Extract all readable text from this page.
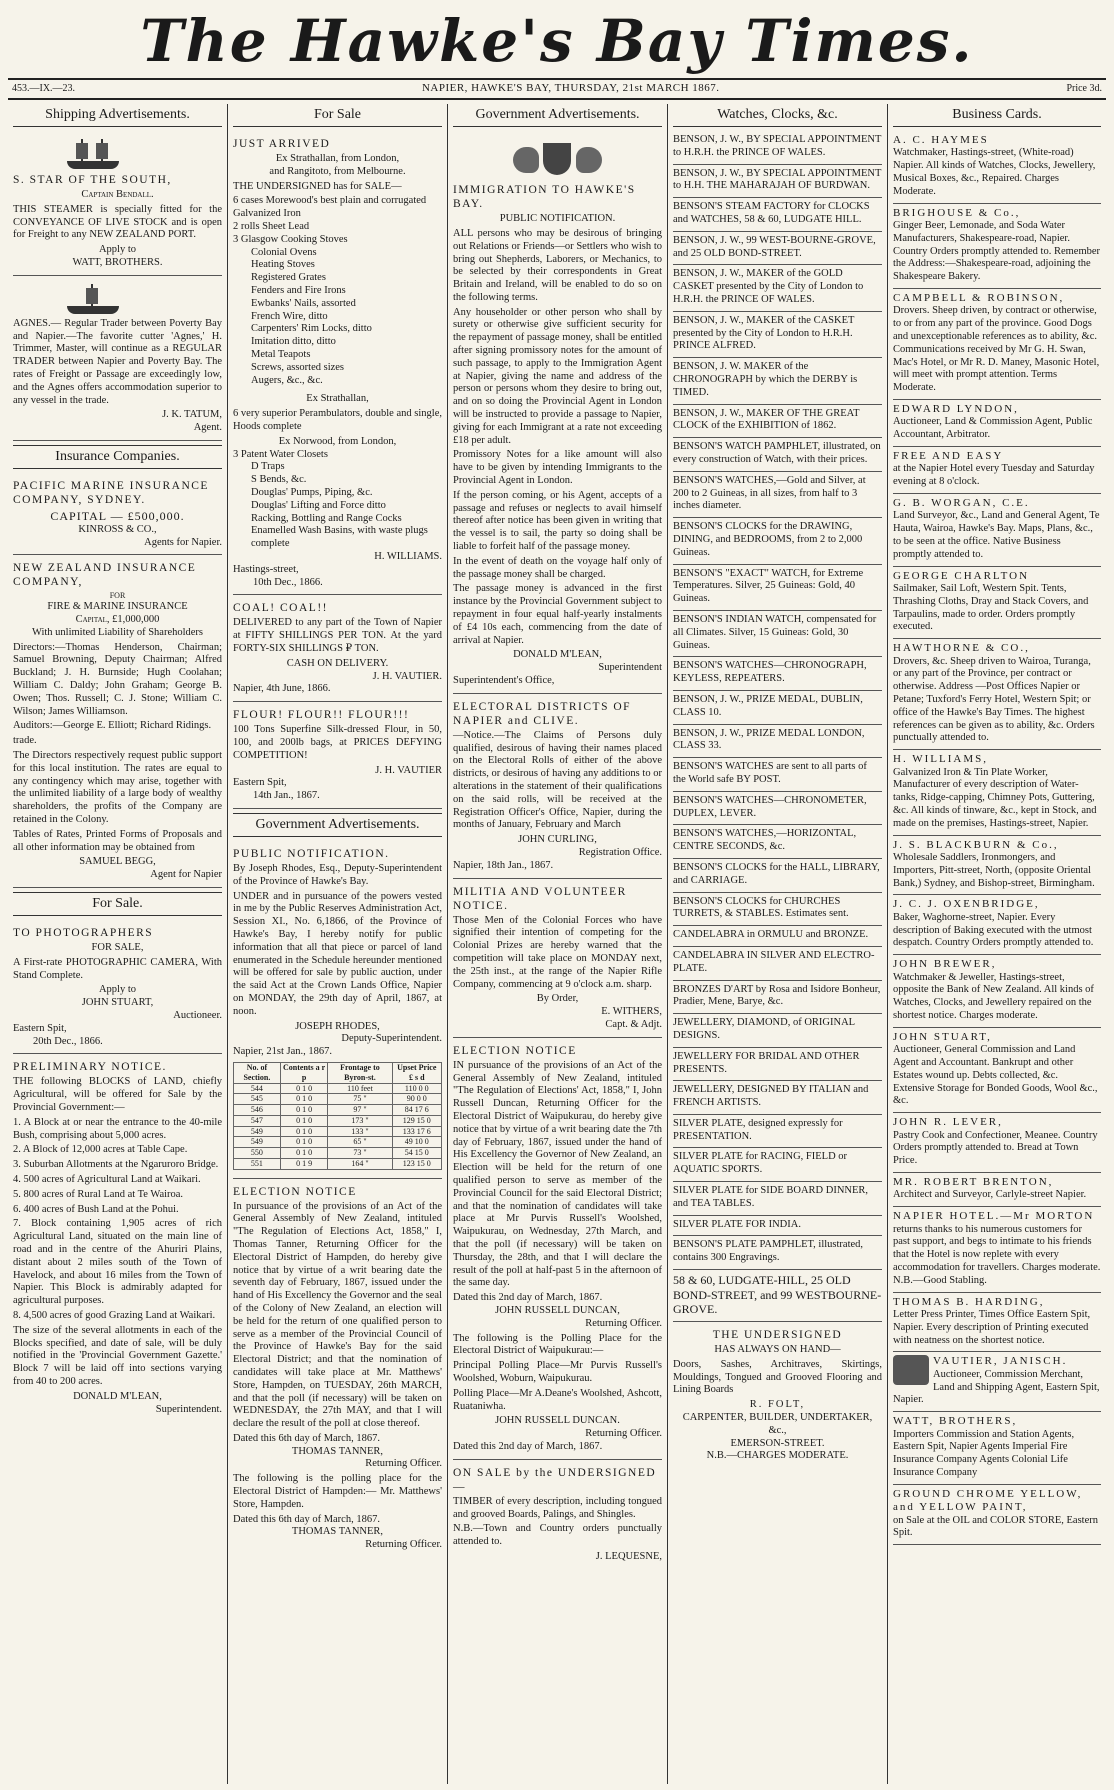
The Hawke's Bay Times.
453.—IX.—23.	NAPIER, HAWKE'S BAY, THURSDAY, 21st MARCH 1867.	Price 3d.
Shipping Advertisements.
S. STAR OF THE SOUTH,
Captain Bendall.

THIS STEAMER is specially fitted for the CONVEYANCE OF LIVE STOCK and is open for Freight to any NEW ZEALAND PORT.

Apply to
WATT, BROTHERS.

AGNES.— Regular Trader between Poverty Bay and Napier.—The favorite cutter 'Agnes,' H. Trimmer, Master, will continue as a REGULAR TRADER between Napier and Poverty Bay. The rates of Freight or Passage are exceedingly low, and the Agnes offers accommodation superior to any vessel in the trade.

J. K. TATUM,
Agent.
Insurance Companies.
PACIFIC MARINE INSURANCE COMPANY, SYDNEY.
CAPITAL — £500,000.
KINROSS & CO.,
Agents for Napier.
NEW ZEALAND INSURANCE COMPANY,
FOR
FIRE & MARINE INSURANCE
Capital, £1,000,000
With unlimited Liability of Shareholders

Directors:—Thomas Henderson, Chairman; Samuel Browning, Deputy Chairman; Alfred Buckland; J. H. Burnside; Hugh Coolahan; William C. Daldy; John Graham; George B. Owen; Thos. Russell; C. J. Stone; William C. Wilson; James Williamson.

Auditors:—George E. Elliott; Richard Ridings.

trade.

The Directors respectively request public support for this local institution. The rates are equal to any contingency which may arise, together with the unlimited liability of a large body of wealthy shareholders, the profits of the Company are retained in the Colony.

Tables of Rates, Printed Forms of Proposals and all other information may be obtained from

SAMUEL BEGG,
Agent for Napier
For Sale.
TO PHOTOGRAPHERS
FOR SALE,

A First-rate PHOTOGRAPHIC CAMERA, With Stand Complete.

Apply to
JOHN STUART,
Auctioneer.
Eastern Spit,
20th Dec., 1866.
PRELIMINARY NOTICE.

THE following BLOCKS of LAND, chiefly Agricultural, will be offered for Sale by the Provincial Government:—

1. A Block at or near the entrance to the 40-mile Bush, comprising about 5,000 acres.

2. A Block of 12,000 acres at Table Cape.

3. Suburban Allotments at the Ngaruroro Bridge.

4. 500 acres of Agricultural Land at Waikari.

5. 800 acres of Rural Land at Te Wairoa.

6. 400 acres of Bush Land at the Pohui.

7. Block containing 1,905 acres of rich Agricultural Land, situated on the main line of road and in the centre of the Ahuriri Plains, distant about 2 miles south of the Town of Havelock, and about 16 miles from the Town of Napier. This Block is admirably adapted for agricultural purposes.

8. 4,500 acres of good Grazing Land at Waikari.

The size of the several allotments in each of the Blocks specified, and date of sale, will be duly notified in the 'Provincial Government Gazette.' Block 7 will be laid off into sections varying from 40 to 200 acres.

DONALD M'LEAN,
Superintendent.
For Sale
JUST ARRIVED
Ex Strathallan, from London,
and Rangitoto, from Melbourne.

THE UNDERSIGNED has for SALE—

6 cases Morewood's best plain and corrugated Galvanized Iron
2 rolls Sheet Lead
3 Glasgow Cooking Stoves
Colonial Ovens
Heating Stoves
Registered Grates
Fenders and Fire Irons
Ewbanks' Nails, assorted
French Wire, ditto
Carpenters' Rim Locks, ditto
Imitation ditto, ditto
Metal Teapots
Screws, assorted sizes
Augers, &c., &c.
Ex Strathallan,

6 very superior Perambulators, double and single, Hoods complete

Ex Norwood, from London,
3 Patent Water Closets
D Traps
S Bends, &c.
Douglas' Pumps, Piping, &c.
Douglas' Lifting and Force ditto
Racking, Bottling and Range Cocks
Enamelled Wash Basins, with waste plugs complete
H. WILLIAMS.
Hastings-street,
10th Dec., 1866.
COAL! COAL!!

DELIVERED to any part of the Town of Napier at FIFTY SHILLINGS PER TON. At the yard FORTY-SIX SHILLINGS ₽ TON.

CASH ON DELIVERY.
J. H. VAUTIER.
Napier, 4th June, 1866.
FLOUR! FLOUR!! FLOUR!!!

100 Tons Superfine Silk-dressed Flour, in 50, 100, and 200lb bags, at PRICES DEFYING COMPETITION!

J. H. VAUTIER
Eastern Spit,
14th Jan., 1867.
Government Advertisements.
PUBLIC NOTIFICATION.

By Joseph Rhodes, Esq., Deputy-Superintendent of the Province of Hawke's Bay.

UNDER and in pursuance of the powers vested in me by the Public Reserves Administration Act, Session XI., No. 6,1866, of the Province of Hawke's Bay, I hereby notify for public information that all that piece or parcel of land enumerated in the Schedule hereunder mentioned will be offered for sale by public auction, under the said Act at the Crown Lands Office, Napier on MONDAY, the 29th day of April, 1867, at noon.

JOSEPH RHODES,
Deputy-Superintendent.
Napier, 21st Jan., 1867.
No. of Section.	Contents a r p	Frontage to Byron-st.	Upset Price £ s d
544	0 1 0	110 feet	110 0 0
545	0 1 0	75 "	90 0 0
546	0 1 0	97 "	84 17 6
547	0 1 0	173 "	129 15 0
549	0 1 0	133 "	133 17 6
549	0 1 0	65 "	49 10 0
550	0 1 0	73 "	54 15 0
551	0 1 9	164 "	123 15 0
ELECTION NOTICE

In pursuance of the provisions of an Act of the General Assembly of New Zealand, intituled "The Regulation of Elections Act, 1858," I, Thomas Tanner, Returning Officer for the Electoral District of Hampden, do hereby give notice that by virtue of a writ bearing date the seventh day of February, 1867, issued under the hand of His Excellency the Governor and the seal of the Colony of New Zealand, an election will be held for the return of one qualified person to serve as a member of the Provincial Council of the Province of Hawke's Bay for the said Electoral District; and that the nomination of candidates will take place at Mr. Matthews' Store, Hampden, on TUESDAY, 26th MARCH, and that the poll (if necessary) will be taken on WEDNESDAY, the 27th MAY, and that I will declare the result of the poll at close thereof.

Dated this 6th day of March, 1867.
THOMAS TANNER,
Returning Officer.

The following is the polling place for the Electoral District of Hampden:— Mr. Matthews' Store, Hampden.

Dated this 6th day of March, 1867.
THOMAS TANNER,
Returning Officer.
Government Advertisements.
IMMIGRATION TO HAWKE'S BAY.
PUBLIC NOTIFICATION.

ALL persons who may be desirous of bringing out Relations or Friends—or Settlers who wish to bring out Shepherds, Laborers, or Mechanics, to be selected by their correspondents in Great Britain and Ireland, will be enabled to do so on the following terms.

Any householder or other person who shall by surety or otherwise give sufficient security for the repayment of passage money, shall be entitled after signing promissory notes for the amount of such passage, to apply to the Immigration Agent at Napier, giving the name and address of the person or persons whom they desire to bring out, and on so doing the Provincial Agent in London will be instructed to provide a passage to Napier, giving for each Immigrant at a rate not exceeding £18 per adult.

Promissory Notes for a like amount will also have to be given by intending Immigrants to the Provincial Agent in London.

If the person coming, or his Agent, accepts of a passage and refuses or neglects to avail himself thereof after notice has been given in writing that the vessel is to sail, the party so doing shall be liable to forfeit half of the passage money.

In the event of death on the voyage half only of the passage money shall be charged.

The passage money is advanced in the first instance by the Provincial Government subject to repayment in four equal half-yearly instalments of £4 10s each, commencing from the date of arrival at Napier.

DONALD M'LEAN,
Superintendent
Superintendent's Office,
ELECTORAL DISTRICTS OF NAPIER and CLIVE.

—Notice.—The Claims of Persons duly qualified, desirous of having their names placed on the Electoral Rolls of either of the above districts, or desirous of having any additions to or alterations in the statement of their qualifications on the said rolls, will be received at the Registration Officer's Office, Napier, during the months of January, February and March

JOHN CURLING,
Registration Office.
Napier, 18th Jan., 1867.
MILITIA AND VOLUNTEER NOTICE.

Those Men of the Colonial Forces who have signified their intention of competing for the Colonial Prizes are hereby warned that the competition will take place on MONDAY next, the 25th inst., at the range of the Napier Rifle Company, commencing at 9 o'clock a.m. sharp.

By Order,
E. WITHERS,
Capt. & Adjt.
ELECTION NOTICE

IN pursuance of the provisions of an Act of the General Assembly of New Zealand, intituled "The Regulation of Elections' Act, 1858," I, John Russell Duncan, Returning Officer for the Electoral District of Waipukurau, do hereby give notice that by virtue of a writ bearing date the 7th day of February, 1867, issued under the hand of His Excellency the Governor of New Zealand, an Election will be held for the return of one qualified person to serve as member of the Provincial Council for the said Electoral District; and that the nomination of candidates will take place at Mr Purvis Russell's Woolshed, Waipukurau, on Wednesday, 27th March, and that the poll (if necessary) will be taken on Thursday, the 28th, and that I will declare the result of the poll at half-past 5 in the afternoon of the same day.

Dated this 2nd day of March, 1867.
JOHN RUSSELL DUNCAN,
Returning Officer.

The following is the Polling Place for the Electoral District of Waipukurau:—

Principal Polling Place—Mr Purvis Russell's Woolshed, Woburn, Waipukurau.

Polling Place—Mr A.Deane's Woolshed, Ashcott, Ruataniwha.

JOHN RUSSELL DUNCAN.
Returning Officer.
Dated this 2nd day of March, 1867.
ON SALE by the UNDERSIGNED—

TIMBER of every description, including tongued and grooved Boards, Palings, and Shingles.

N.B.—Town and Country orders punctually attended to.

J. LEQUESNE,
Watches, Clocks, &c.
BENSON, J. W., BY SPECIAL APPOINTMENT to H.R.H. the PRINCE OF WALES.
BENSON, J. W., BY SPECIAL APPOINTMENT to H.H. THE MAHARAJAH OF BURDWAN.
BENSON'S STEAM FACTORY for CLOCKS and WATCHES, 58 & 60, LUDGATE HILL.
BENSON, J. W., 99 WEST-BOURNE-GROVE, and 25 OLD BOND-STREET.
BENSON, J. W., MAKER of the GOLD CASKET presented by the City of London to H.R.H. the PRINCE OF WALES.
BENSON, J. W., MAKER of the CASKET presented by the City of London to H.R.H. PRINCE ALFRED.
BENSON, J. W. MAKER of the CHRONOGRAPH by which the DERBY is TIMED.
BENSON, J. W., MAKER OF THE GREAT CLOCK of the EXHIBITION of 1862.
BENSON'S WATCH PAMPHLET, illustrated, on every construction of Watch, with their prices.
BENSON'S WATCHES,—Gold and Silver, at 200 to 2 Guineas, in all sizes, from half to 3 inches diameter.
BENSON'S CLOCKS for the DRAWING, DINING, and BEDROOMS, from 2 to 2,000 Guineas.
BENSON'S "EXACT" WATCH, for Extreme Temperatures. Silver, 25 Guineas: Gold, 40 Guineas.
BENSON'S INDIAN WATCH, compensated for all Climates. Silver, 15 Guineas: Gold, 30 Guineas.
BENSON'S WATCHES—CHRONOGRAPH, KEYLESS, REPEATERS.
BENSON, J. W., PRIZE MEDAL, DUBLIN, CLASS 10.
BENSON, J. W., PRIZE MEDAL LONDON, CLASS 33.
BENSON'S WATCHES are sent to all parts of the World safe BY POST.
BENSON'S WATCHES—CHRONOMETER, DUPLEX, LEVER.
BENSON'S WATCHES,—HORIZONTAL, CENTRE SECONDS, &c.
BENSON'S CLOCKS for the HALL, LIBRARY, and CARRIAGE.
BENSON'S CLOCKS for CHURCHES TURRETS, & STABLES. Estimates sent.
CANDELABRA in ORMULU and BRONZE.
CANDELABRA IN SILVER AND ELECTRO-PLATE.
BRONZES D'ART by Rosa and Isidore Bonheur, Pradier, Mene, Barye, &c.
JEWELLERY, DIAMOND, of ORIGINAL DESIGNS.
JEWELLERY FOR BRIDAL AND OTHER PRESENTS.
JEWELLERY, DESIGNED BY ITALIAN and FRENCH ARTISTS.
SILVER PLATE, designed expressly for PRESENTATION.
SILVER PLATE for RACING, FIELD or AQUATIC SPORTS.
SILVER PLATE for SIDE BOARD DINNER, and TEA TABLES.
SILVER PLATE FOR INDIA.
BENSON'S PLATE PAMPHLET, illustrated, contains 300 Engravings.
58 & 60, LUDGATE-HILL, 25 OLD BOND-STREET, and 99 WESTBOURNE-GROVE.
THE UNDERSIGNED
HAS ALWAYS ON HAND—

Doors, Sashes, Architraves, Skirtings, Mouldings, Tongued and Grooved Flooring and Lining Boards

R. FOLT,
CARPENTER, BUILDER, UNDERTAKER, &c.,
EMERSON-STREET.
N.B.—CHARGES MODERATE.
Business Cards.
A. C. HAYMES
Watchmaker, Hastings-street, (White-road) Napier. All kinds of Watches, Clocks, Jewellery, Musical Boxes, &c., Repaired. Charges Moderate.
BRIGHOUSE & Co.,
Ginger Beer, Lemonade, and Soda Water Manufacturers, Shakespeare-road, Napier. Country Orders promptly attended to. Remember the Address:—Shakespeare-road, adjoining the Shakespeare Bakery.
CAMPBELL & ROBINSON,
Drovers. Sheep driven, by contract or otherwise, to or from any part of the province. Good Dogs and unexceptionable references as to ability, &c. Communications received by Mr G. H. Swan, Mac's Hotel, or Mr R. D. Maney, Masonic Hotel, will meet with prompt attention. Terms Moderate.
EDWARD LYNDON,
Auctioneer, Land & Commission Agent, Public Accountant, Arbitrator.
FREE AND EASY
at the Napier Hotel every Tuesday and Saturday evening at 8 o'clock.
G. B. WORGAN, C.E.
Land Surveyor, &c., Land and General Agent, Te Hauta, Wairoa, Hawke's Bay. Maps, Plans, &c., to be seen at the office. Native Business promptly attended to.
GEORGE CHARLTON
Sailmaker, Sail Loft, Western Spit. Tents, Thrashing Cloths, Dray and Stack Covers, and Tarpaulins, made to order. Orders promptly executed.
HAWTHORNE & CO.,
Drovers, &c. Sheep driven to Wairoa, Turanga, or any part of the Province, per contract or otherwise. Address —Post Offices Napier or Petane; Tuxford's Ferry Hotel, Western Spit; or office of the Hawke's Bay Times. The highest references can be given as to ability, &c. Orders punctually attended to.
H. WILLIAMS,
Galvanized Iron & Tin Plate Worker, Manufacturer of every description of Water-tanks, Ridge-capping, Chimney Pots, Guttering, &c. All kinds of tinware, &c., kept in Stock, and made on the premises, Hastings-street, Napier.
J. S. BLACKBURN & Co.,
Wholesale Saddlers, Ironmongers, and Importers, Pitt-street, North, (opposite Oriental Bank,) Sydney, and Bishop-street, Birmingham.
J. C. J. OXENBRIDGE,
Baker, Waghorne-street, Napier. Every description of Baking executed with the utmost despatch. Country Orders promptly attended to.
JOHN BREWER,
Watchmaker & Jeweller, Hastings-street, opposite the Bank of New Zealand. All kinds of Watches, Clocks, and Jewellery repaired on the shortest notice. Charges moderate.
JOHN STUART,
Auctioneer, General Commission and Land Agent and Accountant. Bankrupt and other Estates wound up. Debts collected, &c. Extensive Storage for Bonded Goods, Wool &c., &c.
JOHN R. LEVER,
Pastry Cook and Confectioner, Meanee. Country Orders promptly attended to. Bread at Town Price.
MR. ROBERT BRENTON,
Architect and Surveyor, Carlyle-street Napier.
NAPIER HOTEL.—Mr MORTON
returns thanks to his numerous customers for past support, and begs to intimate to his friends that the Hotel is now replete with every accommodation for travellers. Charges moderate. N.B.—Good Stabling.
THOMAS B. HARDING,
Letter Press Printer, Times Office Eastern Spit, Napier. Every description of Printing executed with neatness on the shortest notice.
VAUTIER, JANISCH.
Auctioneer, Commission Merchant, Land and Shipping Agent, Eastern Spit, Napier.
WATT, BROTHERS,
Importers Commission and Station Agents, Eastern Spit, Napier Agents Imperial Fire Insurance Company Agents Colonial Life Insurance Company
GROUND CHROME YELLOW, and YELLOW PAINT,
on Sale at the OIL and COLOR STORE, Eastern Spit.
